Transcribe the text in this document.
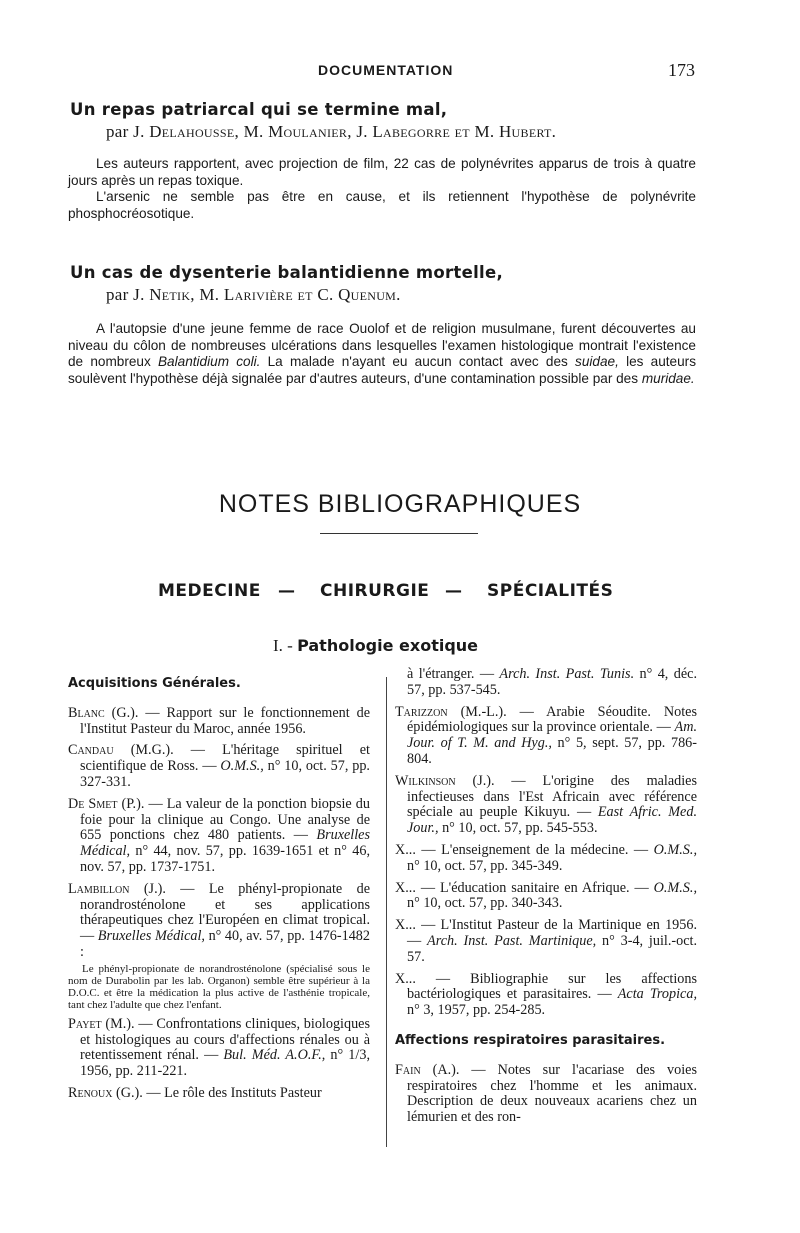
DOCUMENTATION	173
Un repas patriarcal qui se termine mal,
par J. Delahousse, M. Moulanier, J. Labegorre et M. Hubert.

Les auteurs rapportent, avec projection de film, 22 cas de polynévrites apparus de trois à quatre jours après un repas toxique.

L'arsenic ne semble pas être en cause, et ils retiennent l'hypothèse de polynévrite phosphocréosotique.

Un cas de dysenterie balantidienne mortelle,
par J. Netik, M. Larivière et C. Quenum.

A l'autopsie d'une jeune femme de race Ouolof et de religion musulmane, furent découvertes au niveau du côlon de nombreuses ulcérations dans lesquelles l'examen histologique montrait l'existence de nombreux Balantidium coli. La malade n'ayant eu aucun contact avec des suidae, les auteurs soulèvent l'hypothèse déjà signalée par d'autres auteurs, d'une contamination possible par des muridae.

NOTES BIBLIOGRAPHIQUES
MEDECINE — CHIRURGIE — SPÉCIALITÉS
I. - Pathologie exotique
Acquisitions Générales.
Blanc (G.). — Rapport sur le fonctionnement de l'Institut Pasteur du Maroc, année 1956.
Candau (M.G.). — L'héritage spirituel et scientifique de Ross. — O.M.S., n° 10, oct. 57, pp. 327-331.
De Smet (P.). — La valeur de la ponction biopsie du foie pour la clinique au Congo. Une analyse de 655 ponctions chez 480 patients. — Bruxelles Médical, n° 44, nov. 57, pp. 1639-1651 et n° 46, nov. 57, pp. 1737-1751.
Lambillon (J.). — Le phényl-propionate de norandrosténolone et ses applications thérapeutiques chez l'Européen en climat tropical. — Bruxelles Médical, n° 40, av. 57, pp. 1476-1482 :
Le phényl-propionate de norandrosténolone (spécialisé sous le nom de Durabolin par les lab. Organon) semble être supérieur à la D.O.C. et être la médication la plus active de l'asthénie tropicale, tant chez l'adulte que chez l'enfant.
Payet (M.). — Confrontations cliniques, biologiques et histologiques au cours d'affections rénales ou à retentissement rénal. — Bul. Méd. A.O.F., n° 1/3, 1956, pp. 211-221.
Renoux (G.). — Le rôle des Instituts Pasteur
à l'étranger. — Arch. Inst. Past. Tunis. n° 4, déc. 57, pp. 537-545.
Tarizzon (M.-L.). — Arabie Séoudite. Notes épidémiologiques sur la province orientale. — Am. Jour. of T. M. and Hyg., n° 5, sept. 57, pp. 786-804.
Wilkinson (J.). — L'origine des maladies infectieuses dans l'Est Africain avec référence spéciale au peuple Kikuyu. — East Afric. Med. Jour., n° 10, oct. 57, pp. 545-553.
X... — L'enseignement de la médecine. — O.M.S., n° 10, oct. 57, pp. 345-349.
X... — L'éducation sanitaire en Afrique. — O.M.S., n° 10, oct. 57, pp. 340-343.
X... — L'Institut Pasteur de la Martinique en 1956. — Arch. Inst. Past. Martinique, n° 3-4, juil.-oct. 57.
X... — Bibliographie sur les affections bactériologiques et parasitaires. — Acta Tropica, n° 3, 1957, pp. 254-285.
Affections respiratoires parasitaires.
Fain (A.). — Notes sur l'acariase des voies respiratoires chez l'homme et les animaux. Description de deux nouveaux acariens chez un lémurien et des ron-
